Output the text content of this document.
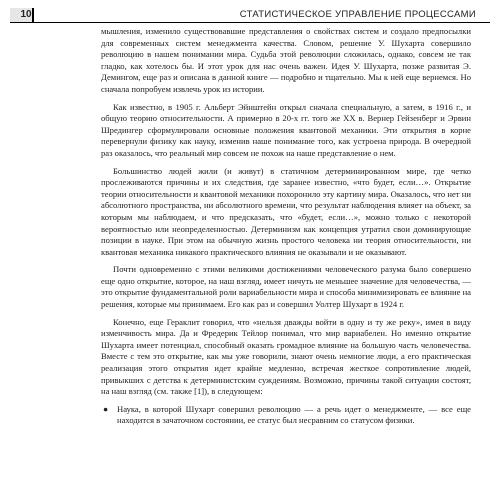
10	СТАТИСТИЧЕСКОЕ УПРАВЛЕНИЕ ПРОЦЕССАМИ

мышления, изменило существовавшие представления о свойствах систем и создало предпосылки для современных систем менеджмента качества. Словом, решение У. Шухарта совершило революцию в нашем понимании мира. Судьба этой революции сложилась, однако, совсем не так гладко, как хотелось бы. И этот урок для нас очень важен. Идея У. Шухарта, позже развитая Э. Демингом, еще раз и описана в данной книге — подробно и тщательно. Мы к ней еще вернемся. Но сначала попробуем извлечь урок из истории.

Как известно, в 1905 г. Альберт Эйнштейн открыл сначала специальную, а затем, в 1916 г., и общую теорию относительности. А примерно в 20-х гг. того же XX в. Вернер Гейзенберг и Эрвин Шредингер сформулировали основные положения квантовой механики. Эти открытия в корне перевернули физику как науку, изменив наше понимание того, как устроена природа. В очередной раз оказалось, что реальный мир совсем не похож на наше представление о нем.

Большинство людей жили (и живут) в статичном детерминированном мире, где четко прослеживаются причины и их следствия, где заранее известно, «что будет, если…». Открытие теории относительности и квантовой механики похоронило эту картину мира. Оказалось, что нет ни абсолютного пространства, ни абсолютного времени, что результат наблюдения влияет на объект, за которым мы наблюдаем, и что предсказать, что «будет, если…», можно только с некоторой вероятностью или неопределенностью. Детерминизм как концепция утратил свои доминирующие позиции в науке. При этом на обычную жизнь простого человека ни теория относительности, ни квантовая механика никакого практического влияния не оказывали и не оказывают.

Почти одновременно с этими великими достижениями человеческого разума было совершено еще одно открытие, которое, на наш взгляд, имеет ничуть не меньшее значение для человечества, — это открытие фундаментальной роли вариабельности мира и способа минимизировать ее влияние на решения, которые мы принимаем. Его как раз и совершил Уолтер Шухарт в 1924 г.

Конечно, еще Гераклит говорил, что «нельзя дважды войти в одну и ту же реку», имея в виду изменчивость мира. Да и Фредерик Тейлор понимал, что мир вариабелен. Но именно открытие Шухарта имеет потенциал, способный оказать громадное влияние на большую часть человечества. Вместе с тем это открытие, как мы уже говорили, знают очень немногие люди, а его практическая реализация этого открытия идет крайне медленно, встречая жесткое сопротивление людей, привыкших с детства к детерминистским суждениям. Возможно, причины такой ситуации состоят, на наш взгляд (см. также [1]), в следующем:

●	Наука, в которой Шухарт совершил революцию — а речь идет о менеджменте, — все еще находится в зачаточном состоянии, ее статус был несравним со статусом физики.
